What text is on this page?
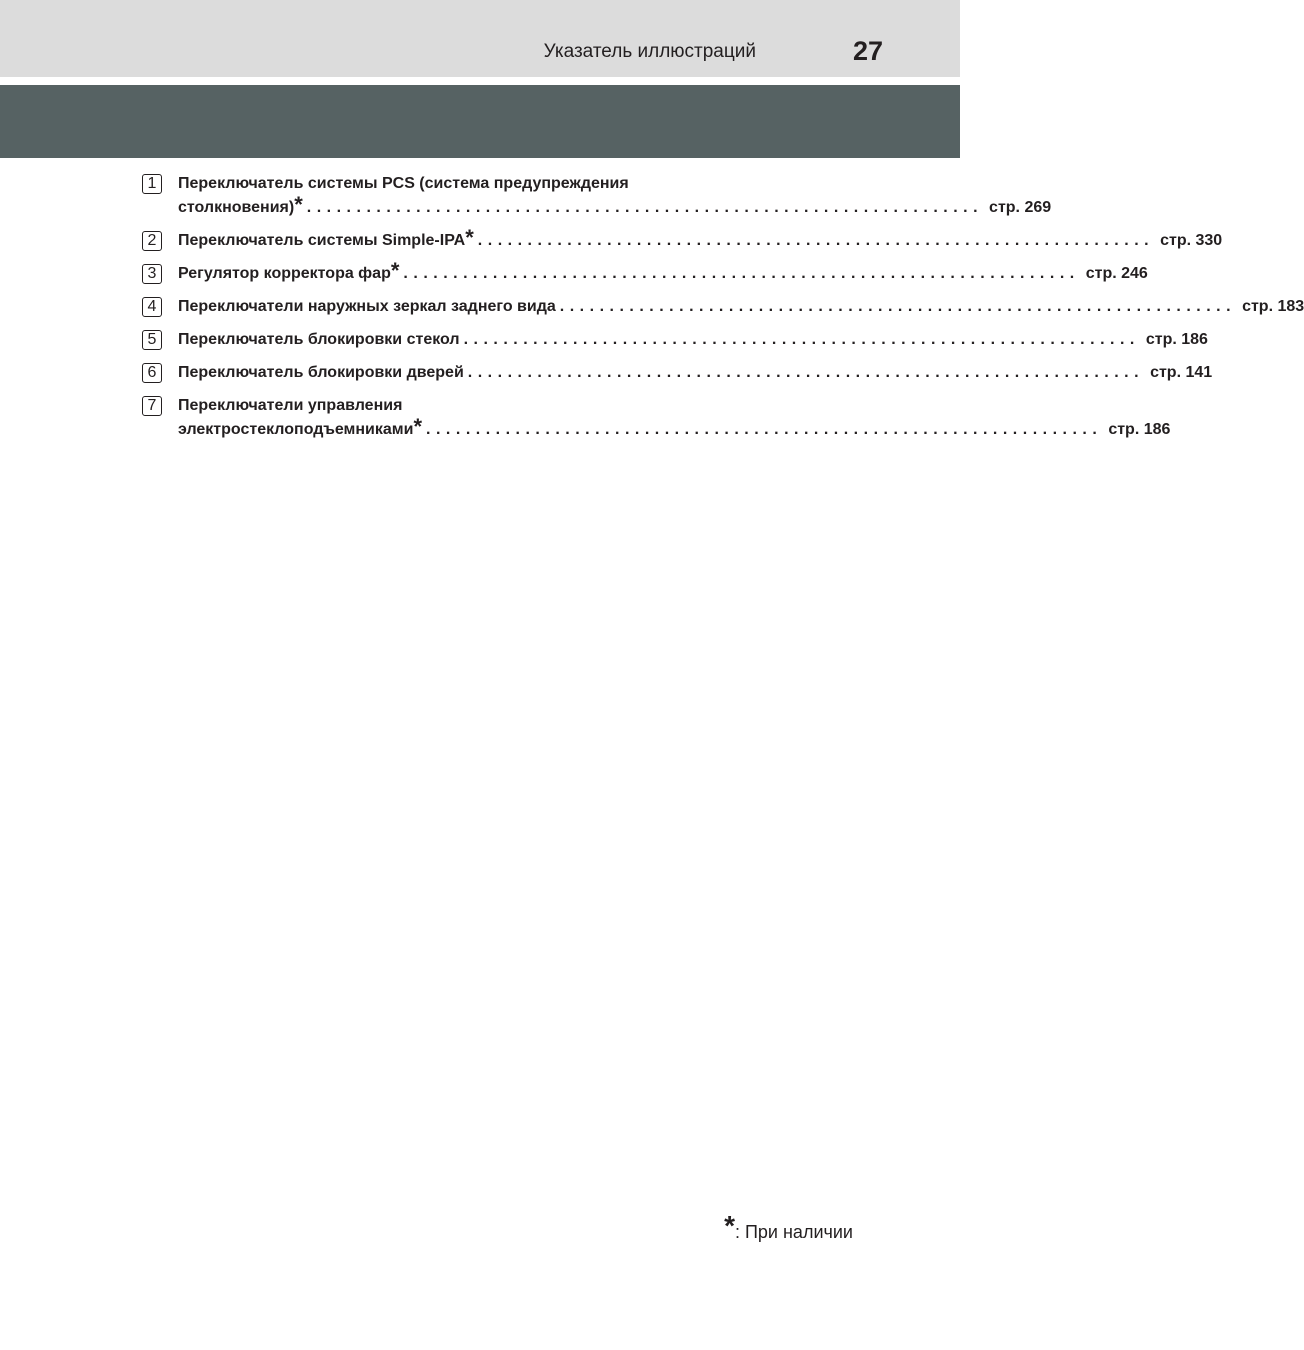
Указатель иллюстраций	27
1	Переключатель системы PCS (система предупреждения
столкновения) * .................................................................... стр. 269
2	Переключатель системы Simple-IPA * .................................................................... стр. 330
3	Регулятор корректора фар * .................................................................... стр. 246
4	Переключатели наружных зеркал заднего вида .................................................................... стр. 183
5	Переключатель блокировки стекол .................................................................... стр. 186
6	Переключатель блокировки дверей .................................................................... стр. 141
7	Переключатели управления
электростеклоподъемниками * .................................................................... стр. 186
*: При наличии
